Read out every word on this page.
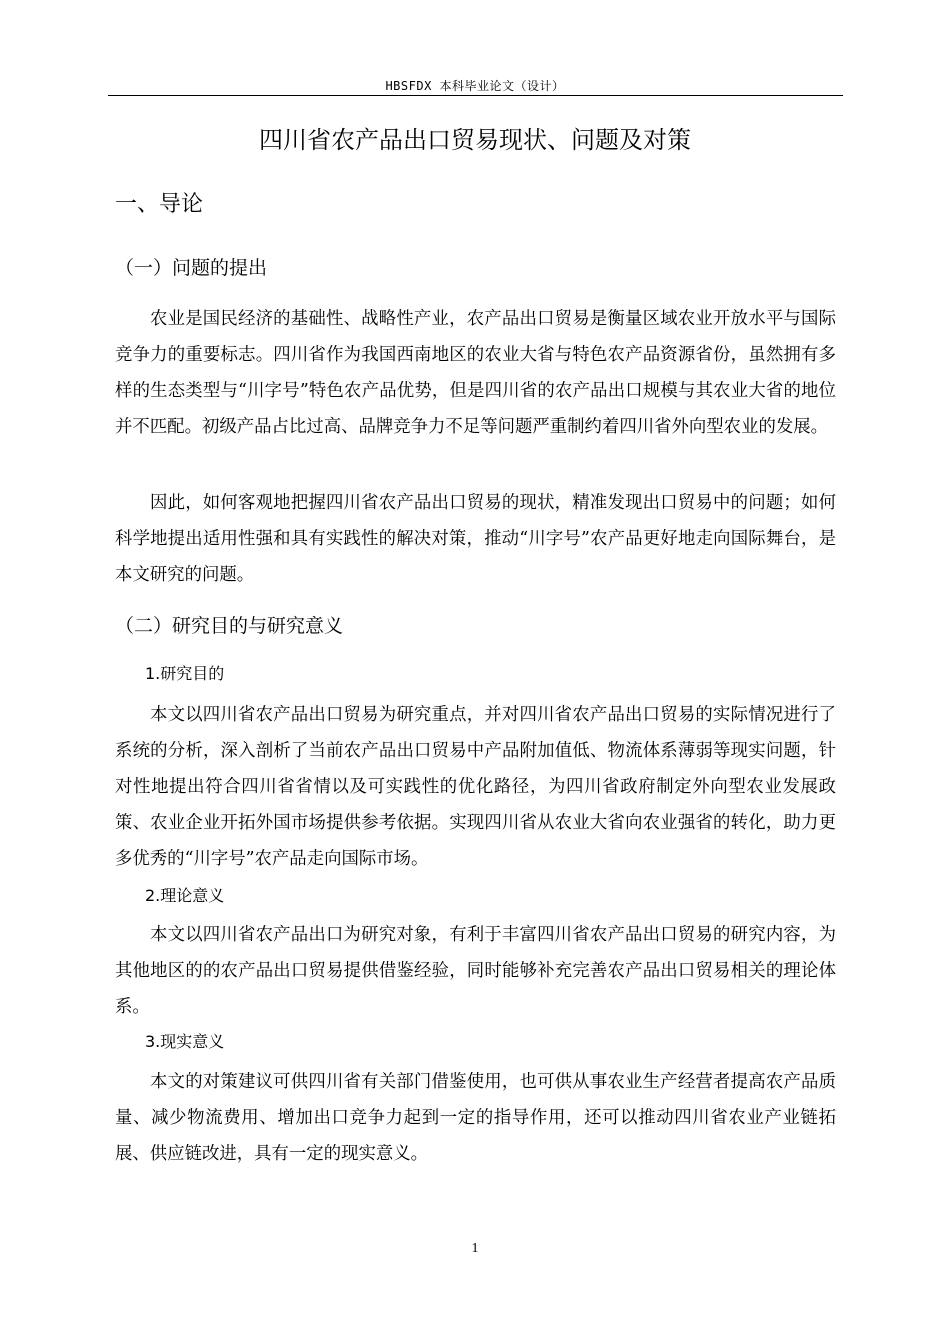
HBSFDX 本科毕业论文（设计）
四川省农产品出口贸易现状、问题及对策
一、导论
（一）问题的提出

农业是国民经济的基础性、战略性产业，农产品出口贸易是衡量区域农业开放水平与国际竞争力的重要标志。四川省作为我国西南地区的农业大省与特色农产品资源省份，虽然拥有多样的生态类型与“川字号”特色农产品优势，但是四川省的农产品出口规模与其农业大省的地位并不匹配。初级产品占比过高、品牌竞争力不足等问题严重制约着四川省外向型农业的发展。

因此，如何客观地把握四川省农产品出口贸易的现状，精准发现出口贸易中的问题；如何科学地提出适用性强和具有实践性的解决对策，推动“川字号”农产品更好地走向国际舞台，是本文研究的问题。

（二）研究目的与研究意义
1.研究目的

本文以四川省农产品出口贸易为研究重点，并对四川省农产品出口贸易的实际情况进行了系统的分析，深入剖析了当前农产品出口贸易中产品附加值低、物流体系薄弱等现实问题，针对性地提出符合四川省省情以及可实践性的优化路径，为四川省政府制定外向型农业发展政策、农业企业开拓外国市场提供参考依据。实现四川省从农业大省向农业强省的转化，助力更多优秀的“川字号”农产品走向国际市场。

2.理论意义

本文以四川省农产品出口为研究对象，有利于丰富四川省农产品出口贸易的研究内容，为其他地区的的农产品出口贸易提供借鉴经验，同时能够补充完善农产品出口贸易相关的理论体系。

3.现实意义

本文的对策建议可供四川省有关部门借鉴使用，也可供从事农业生产经营者提高农产品质量、减少物流费用、增加出口竞争力起到一定的指导作用，还可以推动四川省农业产业链拓展、供应链改进，具有一定的现实意义。

1
